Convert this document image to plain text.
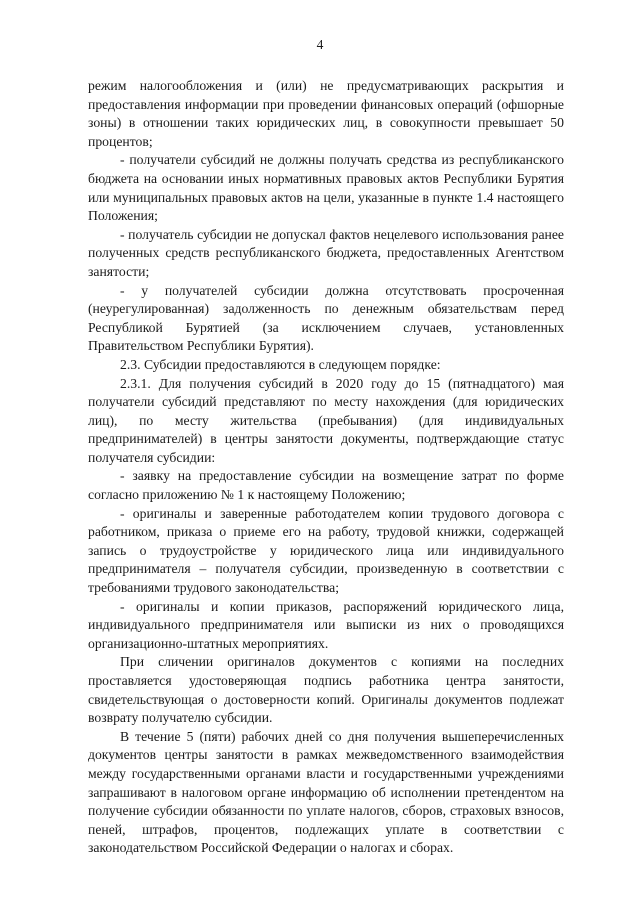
4

режим налогообложения и (или) не предусматривающих раскрытия и предоставления информации при проведении финансовых операций (офшорные зоны) в отношении таких юридических лиц, в совокупности превышает 50 процентов;

- получатели субсидий не должны получать средства из республиканского бюджета на основании иных нормативных правовых актов Республики Бурятия или муниципальных правовых актов на цели, указанные в пункте 1.4 настоящего Положения;

- получатель субсидии не допускал фактов нецелевого использования ранее полученных средств республиканского бюджета, предоставленных Агентством занятости;

- у получателей субсидии должна отсутствовать просроченная (неурегулированная) задолженность по денежным обязательствам перед Республикой Бурятией (за исключением случаев, установленных Правительством Республики Бурятия).

2.3. Субсидии предоставляются в следующем порядке:

2.3.1. Для получения субсидий в 2020 году до 15 (пятнадцатого) мая получатели субсидий представляют по месту нахождения (для юридических лиц), по месту жительства (пребывания) (для индивидуальных предпринимателей) в центры занятости документы, подтверждающие статус получателя субсидии:

- заявку на предоставление субсидии на возмещение затрат по форме согласно приложению № 1 к настоящему Положению;

- оригиналы и заверенные работодателем копии трудового договора с работником, приказа о приеме его на работу, трудовой книжки, содержащей запись о трудоустройстве у юридического лица или индивидуального предпринимателя – получателя субсидии, произведенную в соответствии с требованиями трудового законодательства;

- оригиналы и копии приказов, распоряжений юридического лица, индивидуального предпринимателя или выписки из них о проводящихся организационно-штатных мероприятиях.

При сличении оригиналов документов с копиями на последних проставляется удостоверяющая подпись работника центра занятости, свидетельствующая о достоверности копий. Оригиналы документов подлежат возврату получателю субсидии.

В течение 5 (пяти) рабочих дней со дня получения вышеперечисленных документов центры занятости в рамках межведомственного взаимодействия между государственными органами власти и государственными учреждениями запрашивают в налоговом органе информацию об исполнении претендентом на получение субсидии обязанности по уплате налогов, сборов, страховых взносов, пеней, штрафов, процентов, подлежащих уплате в соответствии с законодательством Российской Федерации о налогах и сборах.
